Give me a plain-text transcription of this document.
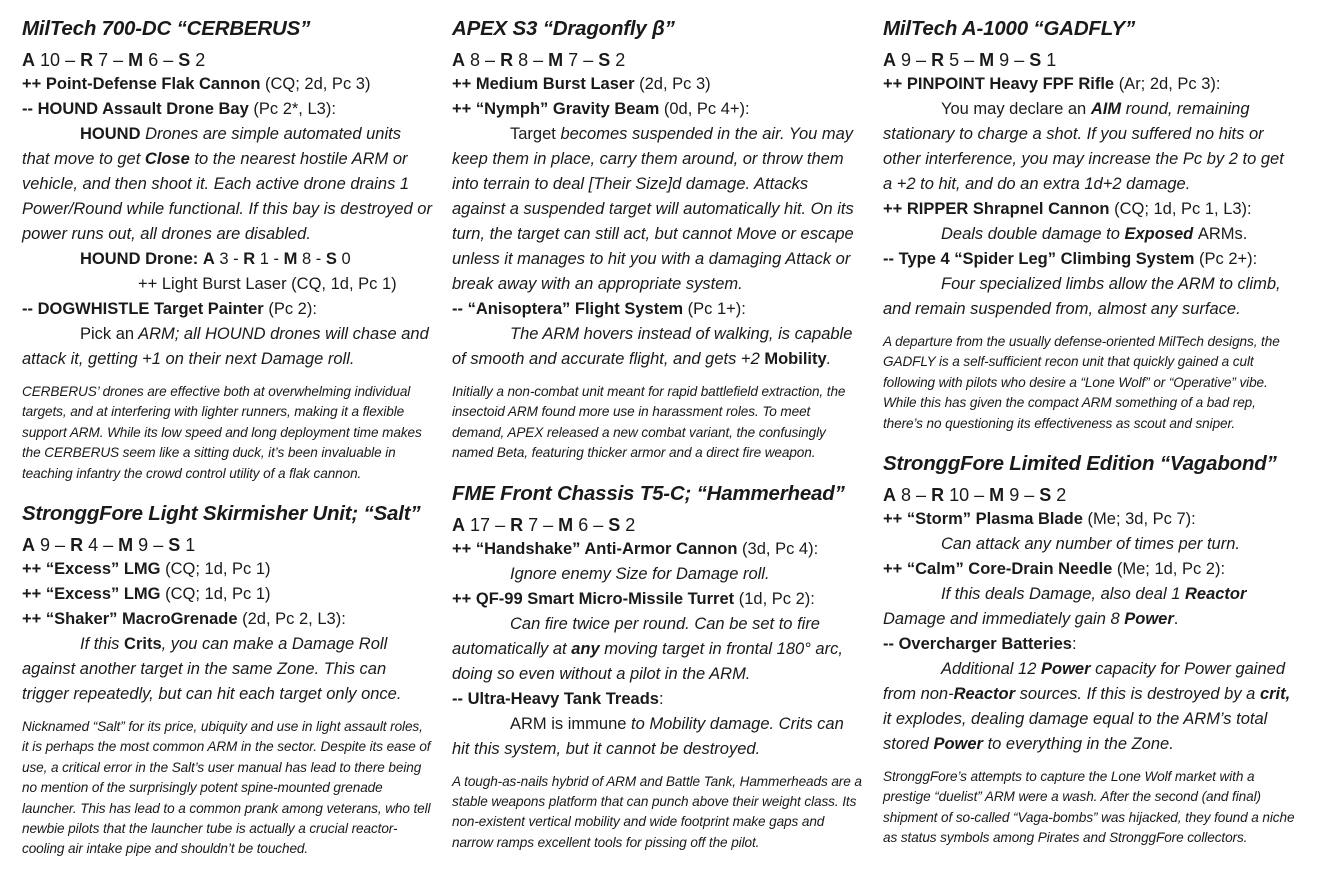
MilTech 700-DC “CERBERUS”

A 10 – R 7 – M 6 – S 2

++ Point-Defense Flak Cannon (CQ; 2d, Pc 3)

-- HOUND Assault Drone Bay (Pc 2*, L3):

HOUND Drones are simple automated units that move to get Close to the nearest hostile ARM or vehicle, and then shoot it. Each active drone drains 1 Power/Round while functional. If this bay is destroyed or power runs out, all drones are disabled.

HOUND Drone: A 3 - R 1 - M 8 - S 0

++ Light Burst Laser (CQ, 1d, Pc 1)

-- DOGWHISTLE Target Painter (Pc 2):

Pick an ARM; all HOUND drones will chase and attack it, getting +1 on their next Damage roll.

CERBERUS’ drones are effective both at overwhelming individual targets, and at interfering with lighter runners, making it a flexible support ARM. While its low speed and long deployment time makes the CERBERUS seem like a sitting duck, it’s been invaluable in teaching infantry the crowd control utility of a flak cannon.

StronggFore Light Skirmisher Unit; “Salt”

A 9 – R 4 – M 9 – S 1

++ “Excess” LMG (CQ; 1d, Pc 1)

++ “Excess” LMG (CQ; 1d, Pc 1)

++ “Shaker” MacroGrenade (2d, Pc 2, L3):

If this Crits, you can make a Damage Roll against another target in the same Zone. This can trigger repeatedly, but can hit each target only once.

Nicknamed “Salt” for its price, ubiquity and use in light assault roles, it is perhaps the most common ARM in the sector. Despite its ease of use, a critical error in the Salt’s user manual has lead to there being no mention of the surprisingly potent spine-mounted grenade launcher. This has lead to a common prank among veterans, who tell newbie pilots that the launcher tube is actually a crucial reactor-cooling air intake pipe and shouldn’t be touched.

APEX S3 “Dragonfly β”

A 8 – R 8 – M 7 – S 2

++ Medium Burst Laser (2d, Pc 3)

++ “Nymph” Gravity Beam (0d, Pc 4+):

Target becomes suspended in the air. You may keep them in place, carry them around, or throw them into terrain to deal [Their Size]d damage. Attacks against a suspended target will automatically hit. On its turn, the target can still act, but cannot Move or escape unless it manages to hit you with a damaging Attack or break away with an appropriate system.

-- “Anisoptera” Flight System (Pc 1+):

The ARM hovers instead of walking, is capable of smooth and accurate flight, and gets +2 Mobility.

Initially a non-combat unit meant for rapid battlefield extraction, the insectoid ARM found more use in harassment roles. To meet demand, APEX released a new combat variant, the confusingly named Beta, featuring thicker armor and a direct fire weapon.

FME Front Chassis T5-C; “Hammerhead”

A 17 – R 7 – M 6 – S 2

++ “Handshake” Anti-Armor Cannon (3d, Pc 4):

Ignore enemy Size for Damage roll.

++ QF-99 Smart Micro-Missile Turret (1d, Pc 2):

Can fire twice per round. Can be set to fire automatically at any moving target in frontal 180° arc, doing so even without a pilot in the ARM.

-- Ultra-Heavy Tank Treads:

ARM is immune to Mobility damage. Crits can hit this system, but it cannot be destroyed.

A tough-as-nails hybrid of ARM and Battle Tank, Hammerheads are a stable weapons platform that can punch above their weight class. Its non-existent vertical mobility and wide footprint make gaps and narrow ramps excellent tools for pissing off the pilot.

MilTech A-1000 “GADFLY”

A 9 – R 5 – M 9 – S 1

++ PINPOINT Heavy FPF Rifle (Ar; 2d, Pc 3):

You may declare an AIM round, remaining stationary to charge a shot. If you suffered no hits or other interference, you may increase the Pc by 2 to get a +2 to hit, and do an extra 1d+2 damage.

++ RIPPER Shrapnel Cannon (CQ; 1d, Pc 1, L3):

Deals double damage to Exposed ARMs.

-- Type 4 “Spider Leg” Climbing System (Pc 2+):

Four specialized limbs allow the ARM to climb, and remain suspended from, almost any surface.

A departure from the usually defense-oriented MilTech designs, the GADFLY is a self-sufficient recon unit that quickly gained a cult following with pilots who desire a “Lone Wolf” or “Operative” vibe. While this has given the compact ARM something of a bad rep, there’s no questioning its effectiveness as scout and sniper.

StronggFore Limited Edition “Vagabond”

A 8 – R 10 – M 9 – S 2

++ “Storm” Plasma Blade (Me; 3d, Pc 7):

Can attack any number of times per turn.

++ “Calm” Core-Drain Needle (Me; 1d, Pc 2):

If this deals Damage, also deal 1 Reactor Damage and immediately gain 8 Power.

-- Overcharger Batteries:

Additional 12 Power capacity for Power gained from non-Reactor sources. If this is destroyed by a crit, it explodes, dealing damage equal to the ARM’s total stored Power to everything in the Zone.

StronggFore’s attempts to capture the Lone Wolf market with a prestige “duelist” ARM were a wash. After the second (and final) shipment of so-called “Vaga-bombs” was hijacked, they found a niche as status symbols among Pirates and StronggFore collectors.
